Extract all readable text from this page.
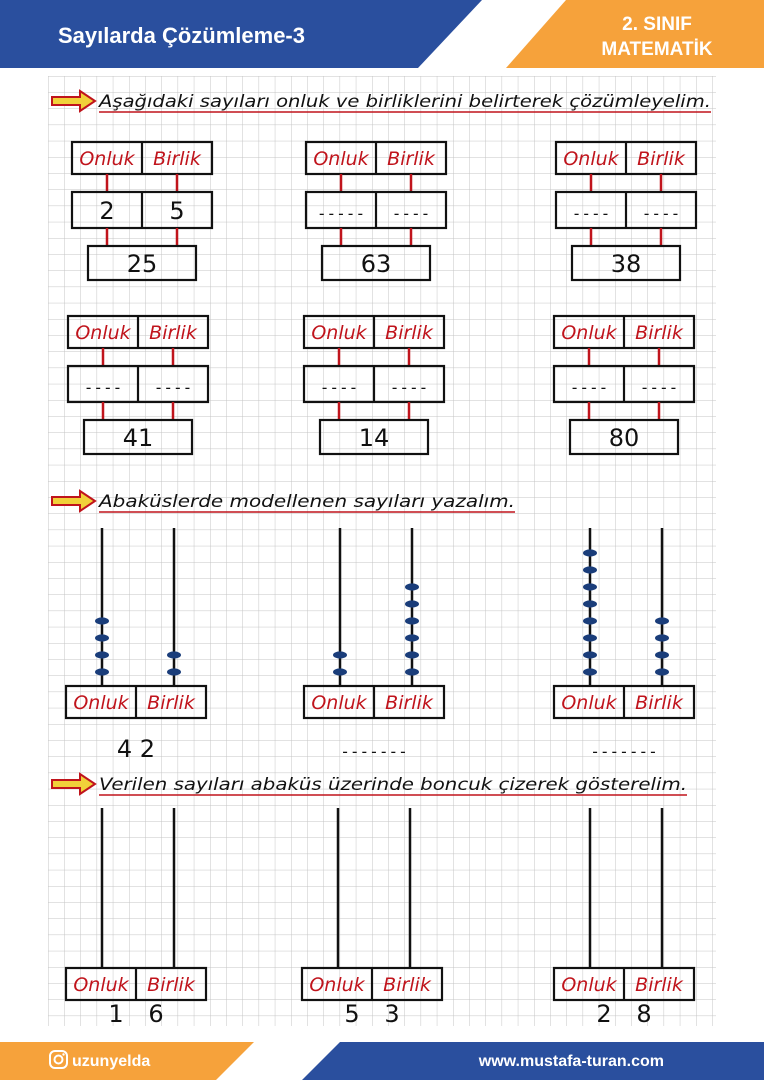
Sayılarda Çözümleme-3	2. SINIF
MATEMATİK
Aşağıdaki sayıları onluk ve birliklerini belirterek çözümleyelim.
Onluk Birlik
2 5
25
Onluk Birlik
----- ----
63
Onluk Birlik
---- ----
38
Onluk Birlik
---- ----
41
Onluk Birlik
---- ----
14
Onluk Birlik
---- ----
80
Abaküslerde modellenen sayıları yazalım.
Onluk Birlik
4 2
Onluk Birlik
-------
Onluk Birlik
-------
Verilen sayıları abaküs üzerinde boncuk çizerek gösterelim.
Onluk Birlik
1 6
Onluk Birlik
5 3
Onluk Birlik
2 8
uzunyelda	www.mustafa-turan.com
